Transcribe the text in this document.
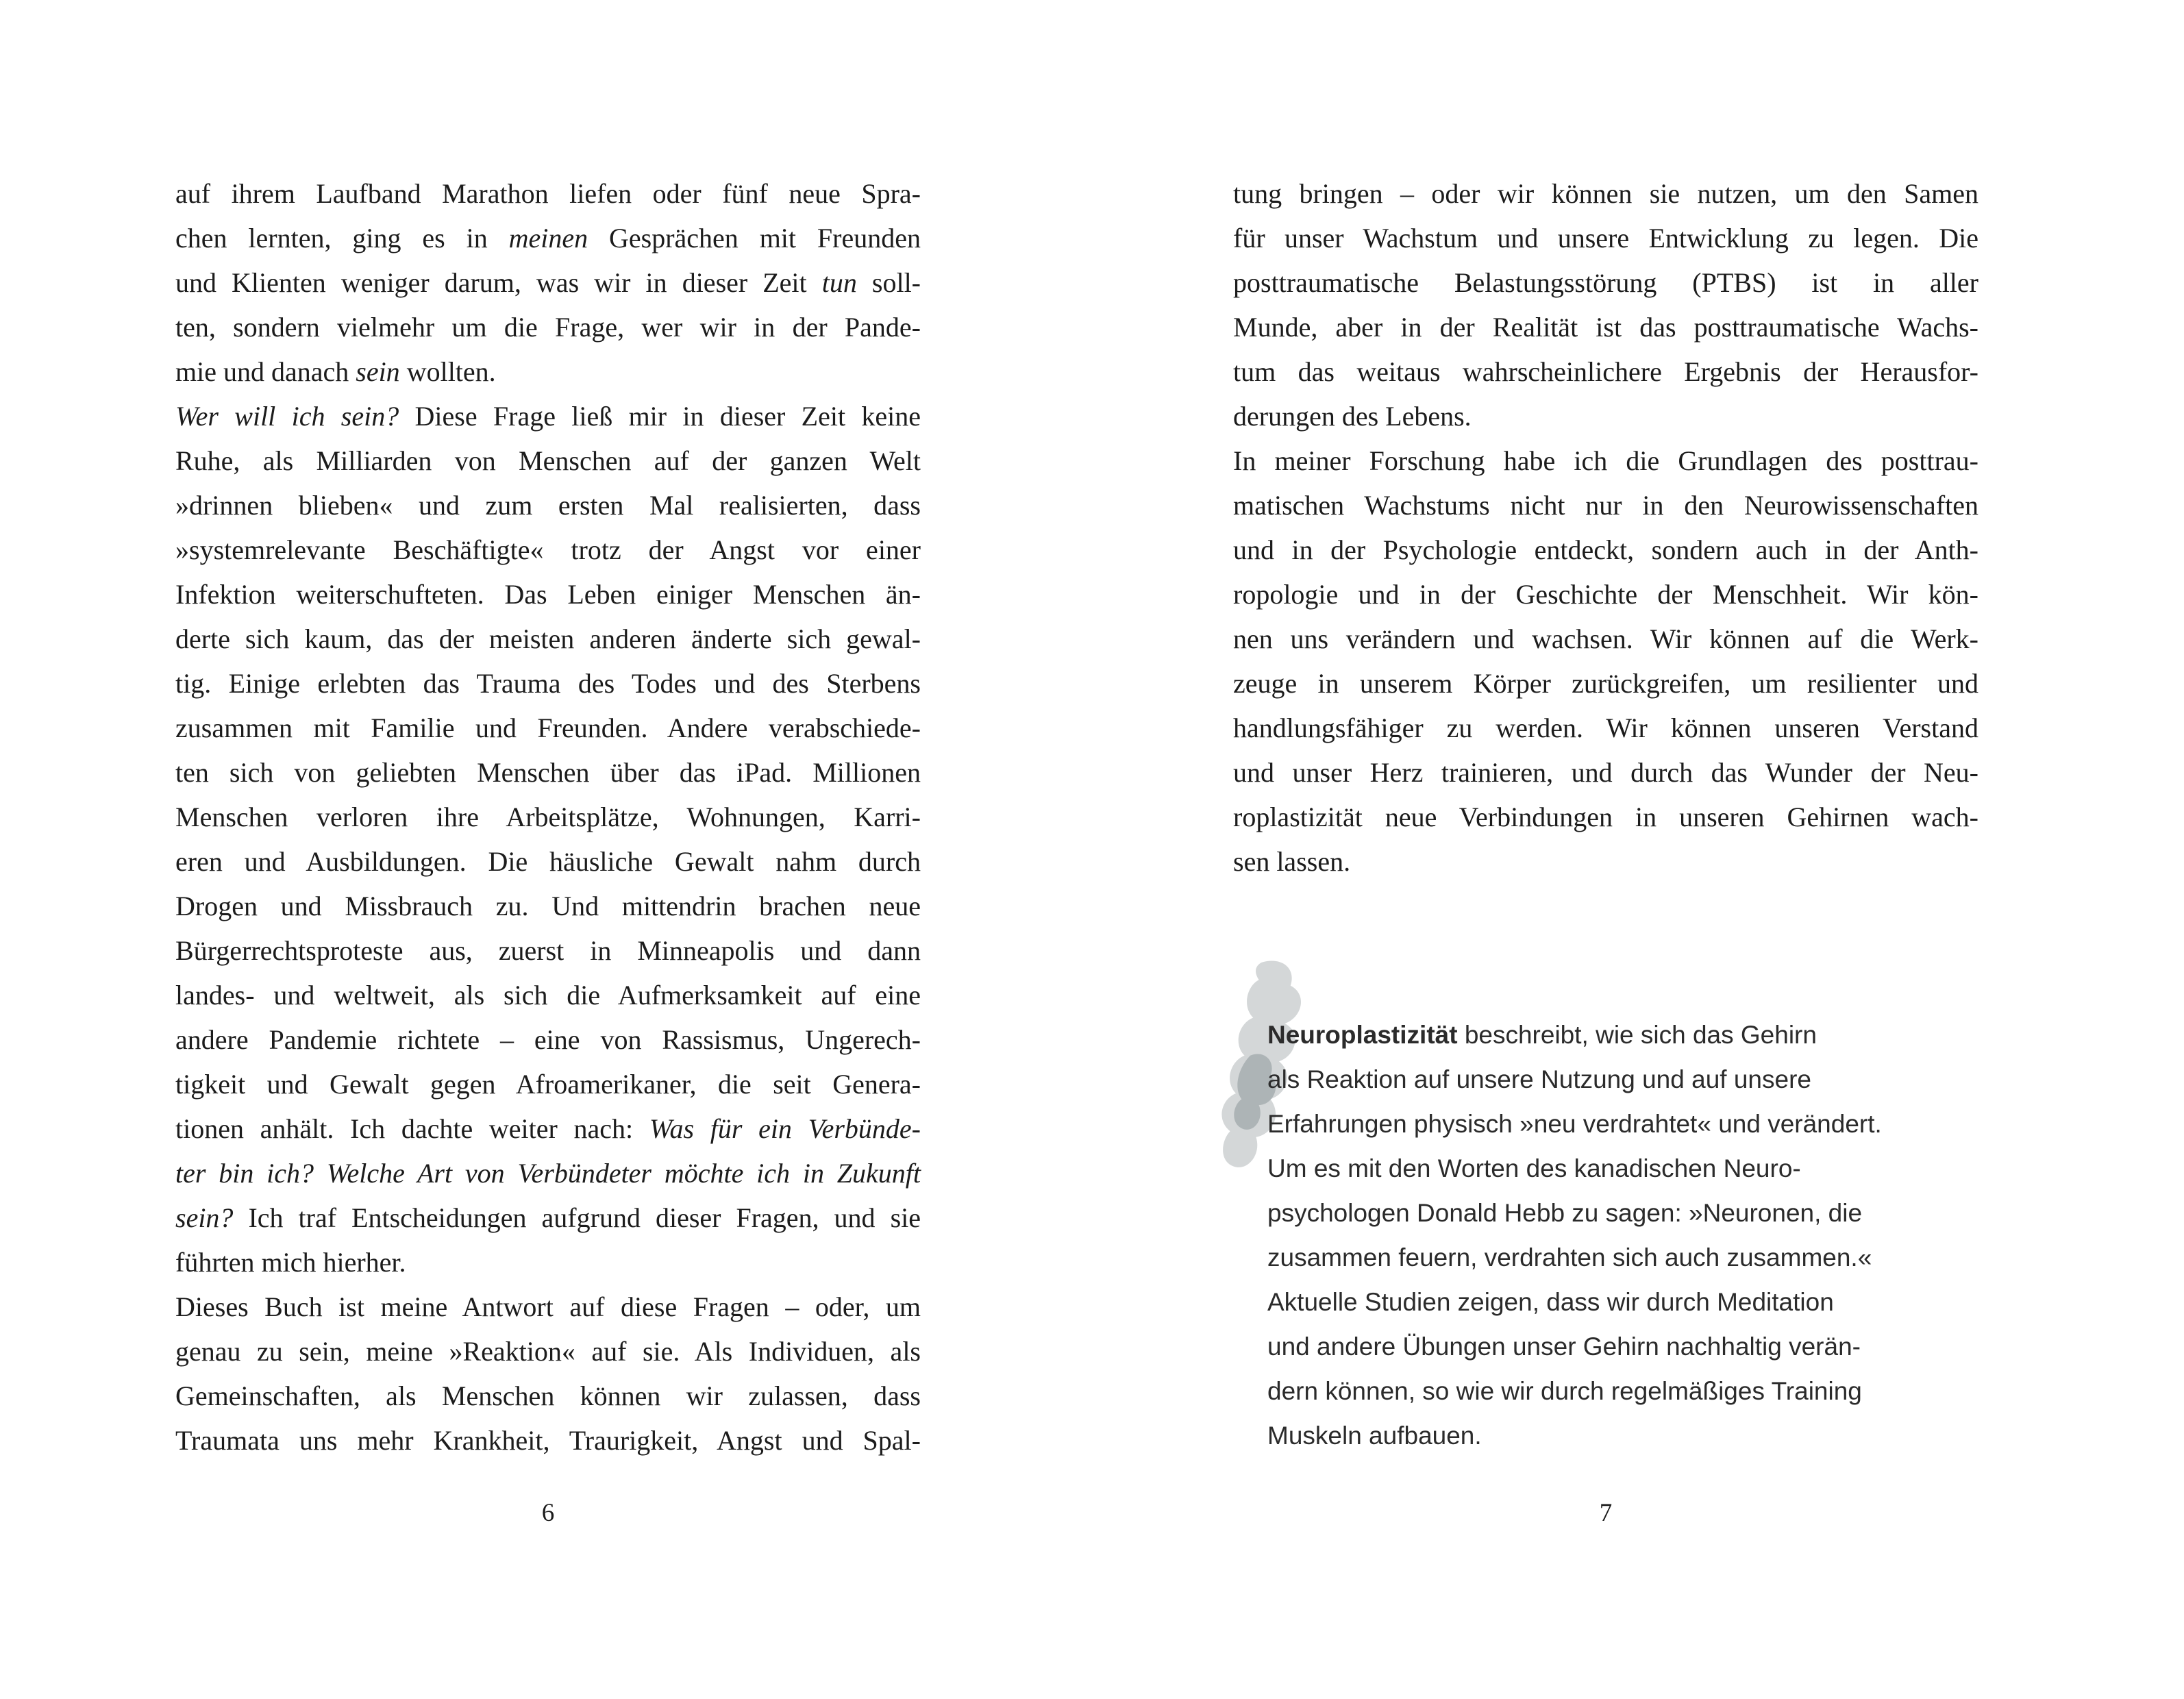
auf ihrem Laufband Marathon liefen oder fünf neue Spra-
chen lernten, ging es in meinen Gesprächen mit Freunden
und Klienten weniger darum, was wir in dieser Zeit tun soll-
ten, sondern vielmehr um die Frage, wer wir in der Pande-
mie und danach sein wollten.
Wer will ich sein? Diese Frage ließ mir in dieser Zeit keine
Ruhe, als Milliarden von Menschen auf der ganzen Welt
»drinnen blieben« und zum ersten Mal realisierten, dass
»systemrelevante Beschäftigte« trotz der Angst vor einer
Infektion weiterschufteten. Das Leben einiger Menschen än-
derte sich kaum, das der meisten anderen änderte sich gewal-
tig. Einige erlebten das Trauma des Todes und des Sterbens
zusammen mit Familie und Freunden. Andere verabschiede-
ten sich von geliebten Menschen über das iPad. Millionen
Menschen verloren ihre Arbeitsplätze, Wohnungen, Karri-
eren und Ausbildungen. Die häusliche Gewalt nahm durch
Drogen und Missbrauch zu. Und mittendrin brachen neue
Bürgerrechtsproteste aus, zuerst in Minneapolis und dann
landes- und weltweit, als sich die Aufmerksamkeit auf eine
andere Pandemie richtete – eine von Rassismus, Ungerech-
tigkeit und Gewalt gegen Afroamerikaner, die seit Genera-
tionen anhält. Ich dachte weiter nach: Was für ein Verbünde-
ter bin ich? Welche Art von Verbündeter möchte ich in Zukunft
sein? Ich traf Entscheidungen aufgrund dieser Fragen, und sie
führten mich hierher.
Dieses Buch ist meine Antwort auf diese Fragen – oder, um
genau zu sein, meine »Reaktion« auf sie. Als Individuen, als
Gemeinschaften, als Menschen können wir zulassen, dass
Traumata uns mehr Krankheit, Traurigkeit, Angst und Spal-
6
tung bringen – oder wir können sie nutzen, um den Samen
für unser Wachstum und unsere Entwicklung zu legen. Die
posttraumatische Belastungsstörung (PTBS) ist in aller
Munde, aber in der Realität ist das posttraumatische Wachs-
tum das weitaus wahrscheinlichere Ergebnis der Herausfor-
derungen des Lebens.
In meiner Forschung habe ich die Grundlagen des posttrau-
matischen Wachstums nicht nur in den Neurowissenschaften
und in der Psychologie entdeckt, sondern auch in der Anth-
ropologie und in der Geschichte der Menschheit. Wir kön-
nen uns verändern und wachsen. Wir können auf die Werk-
zeuge in unserem Körper zurückgreifen, um resilienter und
handlungsfähiger zu werden. Wir können unseren Verstand
und unser Herz trainieren, und durch das Wunder der Neu-
roplastizität neue Verbindungen in unseren Gehirnen wach-
sen lassen.
Neuroplastizität beschreibt, wie sich das Gehirn
als Reaktion auf unsere Nutzung und auf unsere
Erfahrungen physisch »neu verdrahtet« und verändert.
Um es mit den Worten des kanadischen Neuro-
psychologen Donald Hebb zu sagen: »Neuronen, die
zusammen feuern, verdrahten sich auch zusammen.«
Aktuelle Studien zeigen, dass wir durch Meditation
und andere Übungen unser Gehirn nachhaltig verän-
dern können, so wie wir durch regelmäßiges Training
Muskeln aufbauen.
7
